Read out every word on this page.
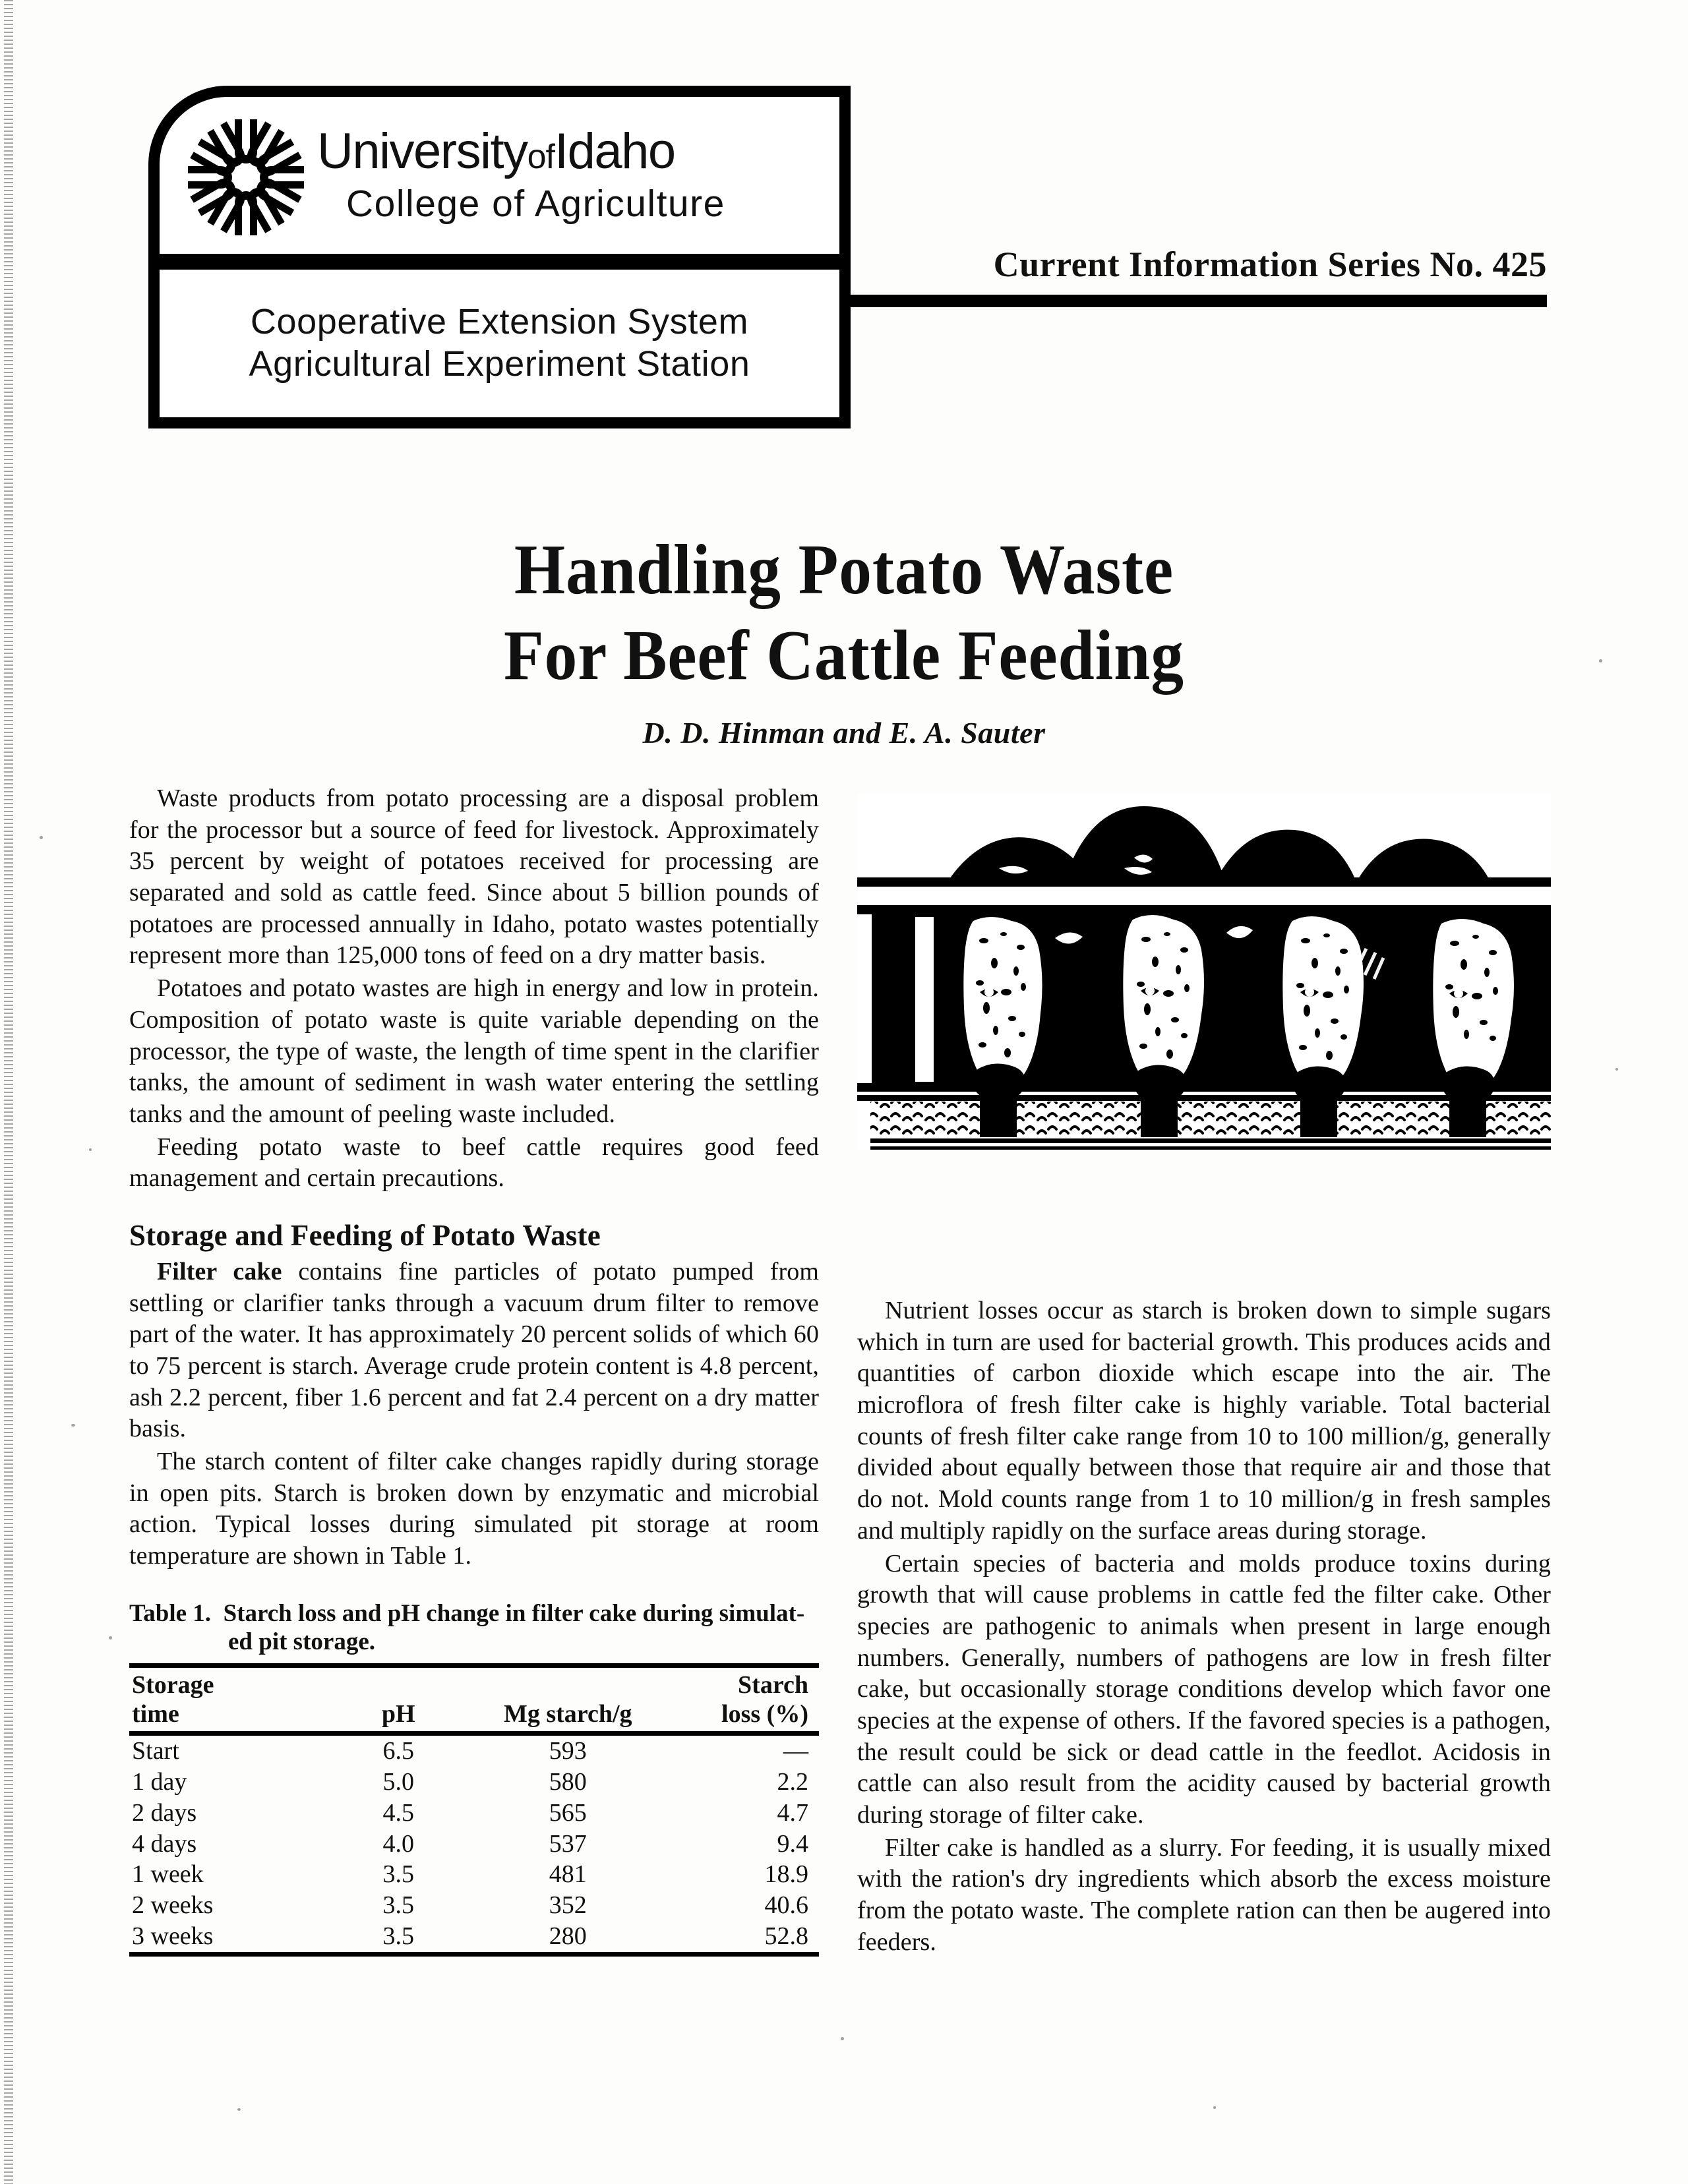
UniversityofIdaho
College of Agriculture
Cooperative Extension System
Agricultural Experiment Station
Current Information Series No. 425
Handling Potato Waste
For Beef Cattle Feeding
D. D. Hinman and E. A. Sauter

Waste products from potato processing are a disposal problem for the processor but a source of feed for livestock. Approximately 35 percent by weight of potatoes received for processing are separated and sold as cattle feed. Since about 5 billion pounds of potatoes are processed annually in Idaho, potato wastes potentially represent more than 125,000 tons of feed on a dry matter basis.

Potatoes and potato wastes are high in energy and low in protein. Composition of potato waste is quite variable depending on the processor, the type of waste, the length of time spent in the clarifier tanks, the amount of sediment in wash water entering the settling tanks and the amount of peeling waste included.

Feeding potato waste to beef cattle requires good feed management and certain precautions.

Storage and Feeding of Potato Waste

Filter cake contains fine particles of potato pumped from settling or clarifier tanks through a vacuum drum filter to remove part of the water. It has approximately 20 percent solids of which 60 to 75 percent is starch. Average crude protein content is 4.8 percent, ash 2.2 percent, fiber 1.6 percent and fat 2.4 percent on a dry matter basis.

The starch content of filter cake changes rapidly during storage in open pits. Starch is broken down by enzymatic and microbial action. Typical losses during simulated pit storage at room temperature are shown in Table 1.

Table 1. Starch loss and pH change in filter cake during simulat-
ed pit storage.

Storage
time	pH	Mg starch/g	Starch
loss (%)

Start	6.5	593	—
1 day	5.0	580	2.2
2 days	4.5	565	4.7
4 days	4.0	537	9.4
1 week	3.5	481	18.9
2 weeks	3.5	352	40.6
3 weeks	3.5	280	52.8

Nutrient losses occur as starch is broken down to simple sugars which in turn are used for bacterial growth. This produces acids and quantities of carbon dioxide which escape into the air. The microflora of fresh filter cake is highly variable. Total bacterial counts of fresh filter cake range from 10 to 100 million/g, generally divided about equally between those that require air and those that do not. Mold counts range from 1 to 10 million/g in fresh samples and multiply rapidly on the surface areas during storage.

Certain species of bacteria and molds produce toxins during growth that will cause problems in cattle fed the filter cake. Other species are pathogenic to animals when present in large enough numbers. Generally, numbers of pathogens are low in fresh filter cake, but occasionally storage conditions develop which favor one species at the expense of others. If the favored species is a pathogen, the result could be sick or dead cattle in the feedlot. Acidosis in cattle can also result from the acidity caused by bacterial growth during storage of filter cake.

Filter cake is handled as a slurry. For feeding, it is usually mixed with the ration's dry ingredients which absorb the excess moisture from the potato waste. The complete ration can then be augered into feeders.
